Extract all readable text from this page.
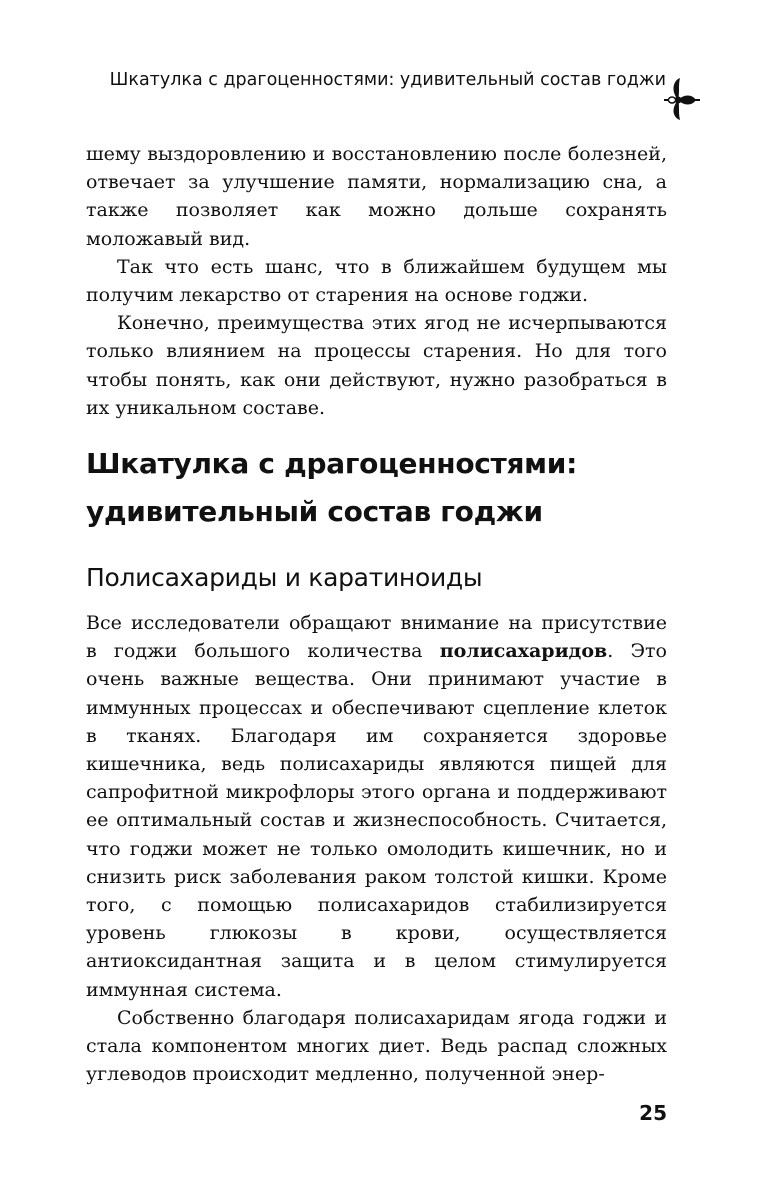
Шкатулка с драгоценностями: удивительный состав годжи

шему выздоровлению и восстановлению после болезней, отвечает за улучшение памяти, нормализацию сна, а также позволяет как можно дольше сохранять моложавый вид.

Так что есть шанс, что в ближайшем будущем мы получим лекарство от старения на основе годжи.

Конечно, преимущества этих ягод не исчерпываются только влиянием на процессы старения. Но для того чтобы понять, как они действуют, нужно разобраться в их уникальном составе.

Шкатулка с драгоценностями:
удивительный состав годжи
Полисахариды и каратиноиды

Все исследователи обращают внимание на присутствие в годжи большого количества полисахаридов. Это очень важные вещества. Они принимают участие в иммунных процессах и обеспечивают сцепление клеток в тканях. Благодаря им сохраняется здоровье кишечника, ведь полисахариды являются пищей для сапрофитной микрофлоры этого органа и поддерживают ее оптимальный состав и жизнеспособность. Считается, что годжи может не только омолодить кишечник, но и снизить риск заболевания раком толстой кишки. Кроме того, с помощью полисахаридов стабилизируется уровень глюкозы в крови, осуществляется антиоксидантная защита и в целом стимулируется иммунная система.

Собственно благодаря полисахаридам ягода годжи и стала компонентом многих диет. Ведь распад сложных углеводов происходит медленно, полученной энер-

25
